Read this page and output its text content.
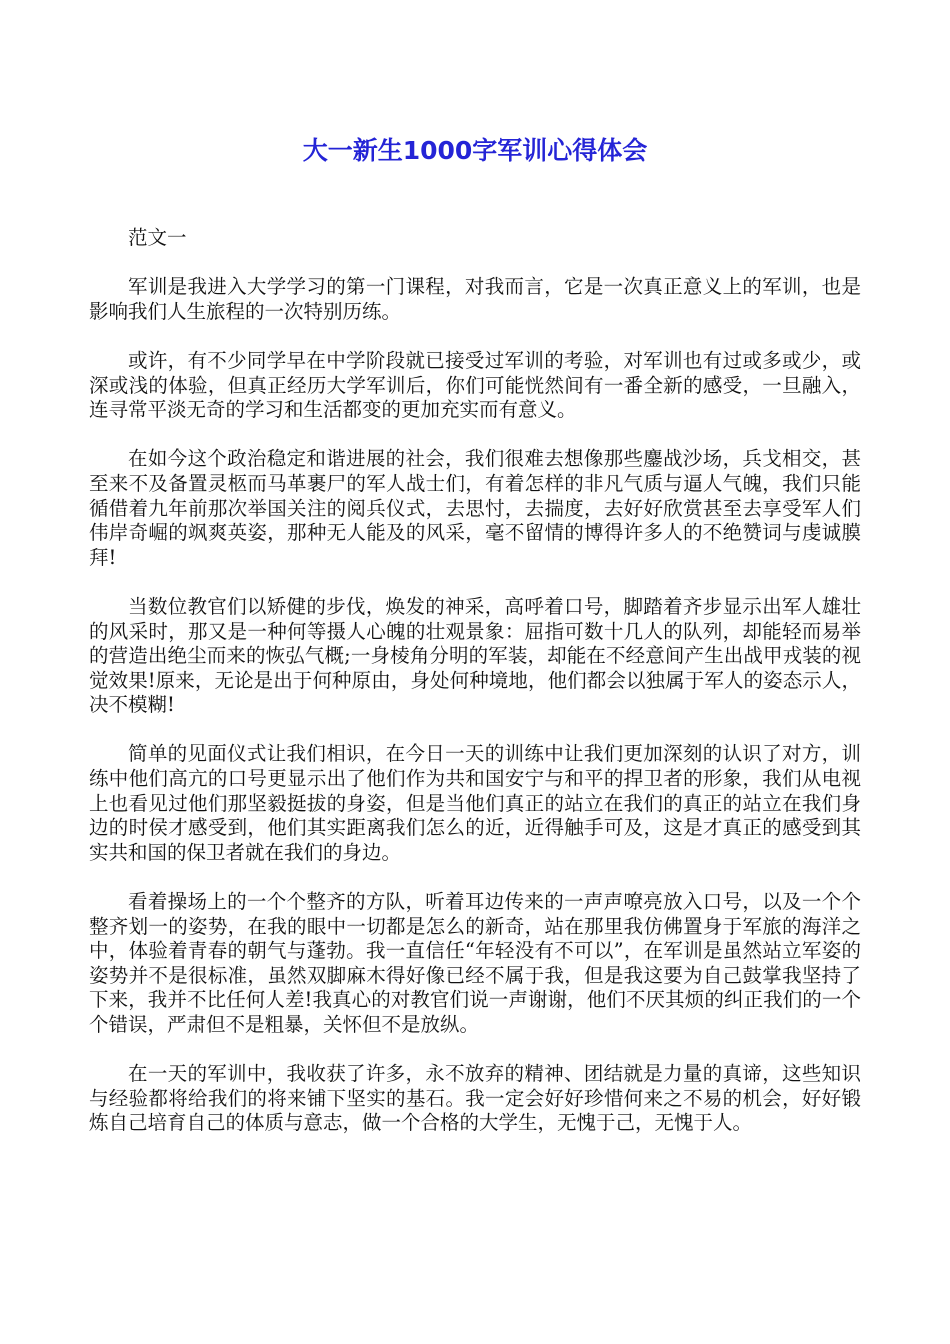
大一新生1000字军训心得体会

范文一

军训是我进入大学学习的第一门课程，对我而言，它是一次真正意义上的军训，也是影响我们人生旅程的一次特别历练。

或许，有不少同学早在中学阶段就已接受过军训的考验，对军训也有过或多或少，或深或浅的体验，但真正经历大学军训后，你们可能恍然间有一番全新的感受，一旦融入，连寻常平淡无奇的学习和生活都变的更加充实而有意义。

在如今这个政治稳定和谐进展的社会，我们很难去想像那些鏖战沙场，兵戈相交，甚至来不及备置灵柩而马革裹尸的军人战士们，有着怎样的非凡气质与逼人气魄，我们只能循借着九年前那次举国关注的阅兵仪式，去思忖，去揣度，去好好欣赏甚至去享受军人们伟岸奇崛的飒爽英姿，那种无人能及的风采，毫不留情的博得许多人的不绝赞词与虔诚膜拜!

当数位教官们以矫健的步伐，焕发的神采，高呼着口号，脚踏着齐步显示出军人雄壮的风采时，那又是一种何等摄人心魄的壮观景象：屈指可数十几人的队列，却能轻而易举的营造出绝尘而来的恢弘气概;一身棱角分明的军装，却能在不经意间产生出战甲戎装的视觉效果!原来，无论是出于何种原由，身处何种境地，他们都会以独属于军人的姿态示人，决不模糊!

简单的见面仪式让我们相识，在今日一天的训练中让我们更加深刻的认识了对方，训练中他们高亢的口号更显示出了他们作为共和国安宁与和平的捍卫者的形象，我们从电视上也看见过他们那坚毅挺拔的身姿，但是当他们真正的站立在我们的真正的站立在我们身边的时侯才感受到，他们其实距离我们怎么的近，近得触手可及，这是才真正的感受到其实共和国的保卫者就在我们的身边。

看着操场上的一个个整齐的方队，听着耳边传来的一声声嘹亮放入口号，以及一个个整齐划一的姿势，在我的眼中一切都是怎么的新奇，站在那里我仿佛置身于军旅的海洋之中，体验着青春的朝气与蓬勃。我一直信任“年轻没有不可以”，在军训是虽然站立军姿的姿势并不是很标准，虽然双脚麻木得好像已经不属于我，但是我这要为自己鼓掌我坚持了下来，我并不比任何人差!我真心的对教官们说一声谢谢，他们不厌其烦的纠正我们的一个个错误，严肃但不是粗暴，关怀但不是放纵。

在一天的军训中，我收获了许多，永不放弃的精神、团结就是力量的真谛，这些知识与经验都将给我们的将来铺下坚实的基石。我一定会好好珍惜何来之不易的机会，好好锻炼自己培育自己的体质与意志，做一个合格的大学生，无愧于己，无愧于人。
